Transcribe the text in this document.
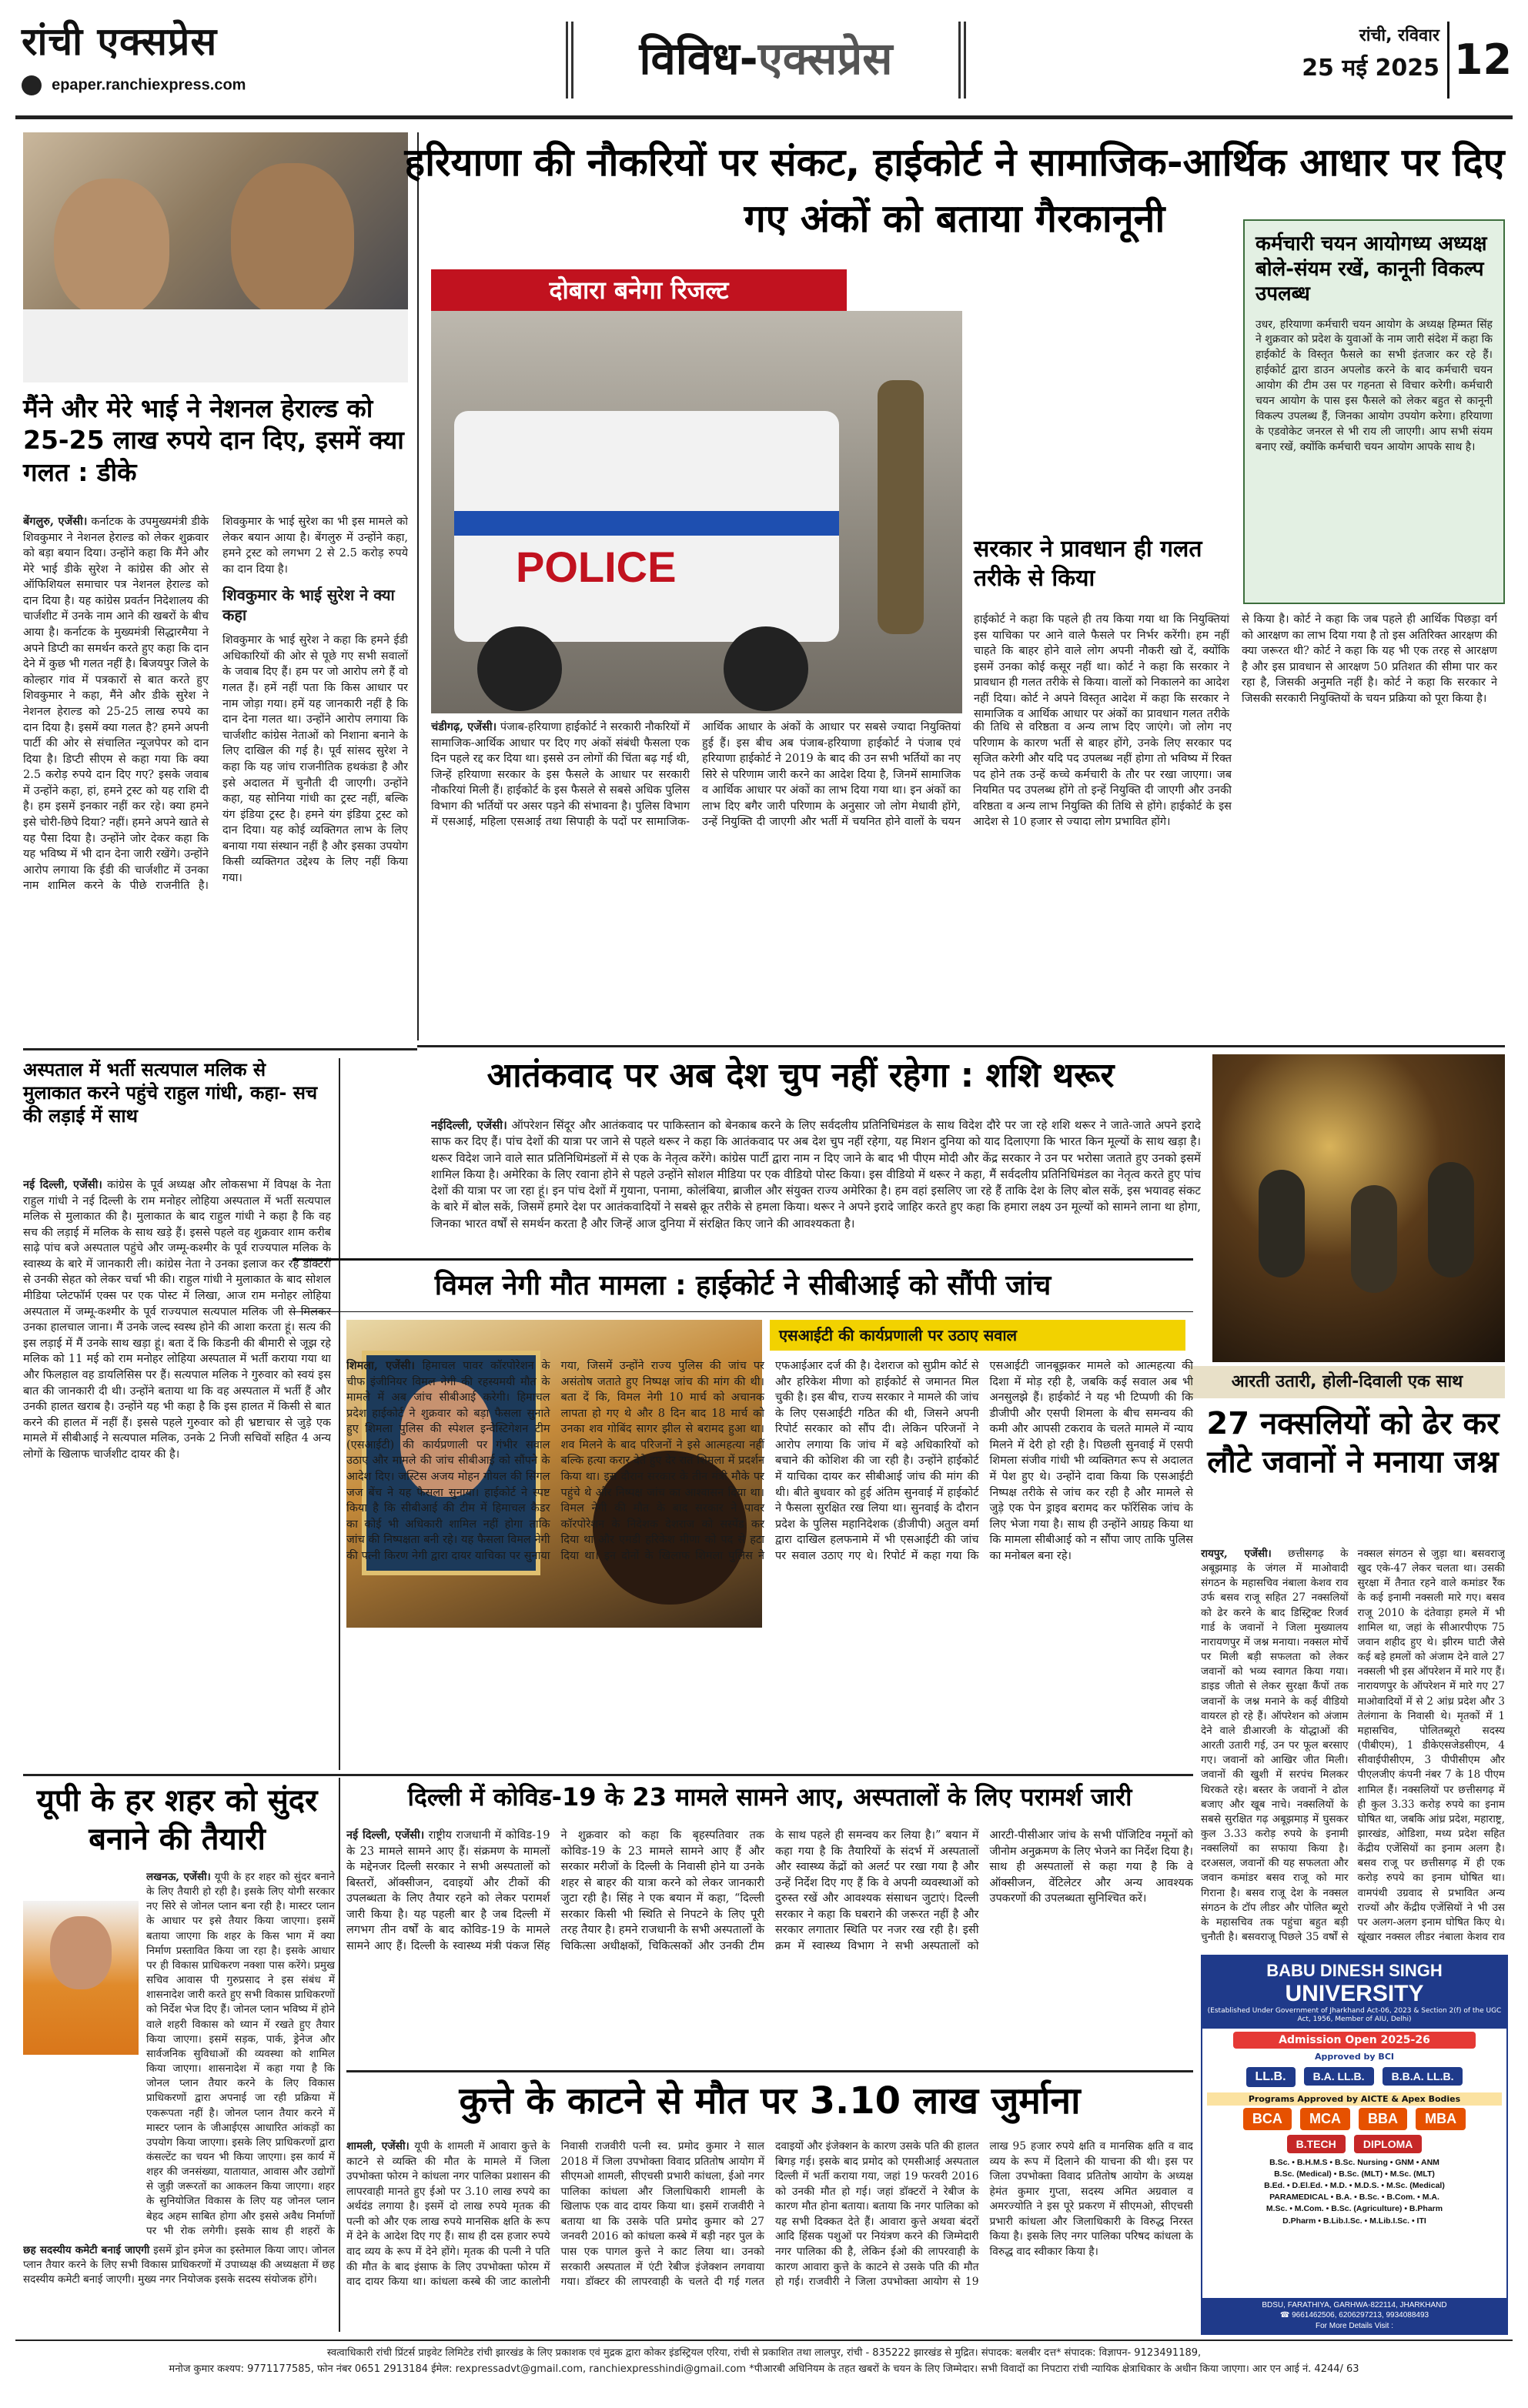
रांची एक्सप्रेस
epaper.ranchiexpress.com
विविध-एक्सप्रेस	रांची, रविवार
25 मई 2025 12
मैंने और मेरे भाई ने नेशनल हेराल्ड को 25-25 लाख रुपये दान दिए, इसमें क्या गलत : डीके
बेंगलुरु, एजेंसी। कर्नाटक के उपमुख्यमंत्री डीके शिवकुमार ने नेशनल हेराल्ड को लेकर शुक्रवार को बड़ा बयान दिया। उन्होंने कहा कि मैंने और मेरे भाई डीके सुरेश ने कांग्रेस की ओर से ऑफिशियल समाचार पत्र नेशनल हेराल्ड को दान दिया है। यह कांग्रेस प्रवर्तन निदेशालय की चार्जशीट में उनके नाम आने की खबरों के बीच आया है। कर्नाटक के मुख्यमंत्री सिद्धारमैया ने अपने डिप्टी का समर्थन करते हुए कहा कि दान देने में कुछ भी गलत नहीं है। बिजयपुर जिले के कोल्हार गांव में पत्रकारों से बात करते हुए शिवकुमार ने कहा, मैंने और डीके सुरेश ने नेशनल हेराल्ड को 25-25 लाख रुपये का दान दिया है। इसमें क्या गलत है? हमने अपनी पार्टी की ओर से संचालित न्यूजपेपर को दान दिया है। डिप्टी सीएम से कहा गया कि क्या 2.5 करोड़ रुपये दान दिए गए? इसके जवाब में उन्होंने कहा, हां, हमने ट्रस्ट को यह राशि दी है। हम इसमें इनकार नहीं कर रहे। क्या हमने इसे चोरी-छिपे दिया? नहीं। हमने अपने खाते से यह पैसा दिया है। उन्होंने जोर देकर कहा कि यह भविष्य में भी दान देना जारी रखेंगे। उन्होंने आरोप लगाया कि ईडी की चार्जशीट में उनका नाम शामिल करने के पीछे राजनीति है। शिवकुमार के भाई सुरेश का भी इस मामले को लेकर बयान आया है। बेंगलुरु में उन्होंने कहा, हमने ट्रस्ट को लगभग 2 से 2.5 करोड़ रुपये का दान दिया है।
शिवकुमार के भाई सुरेश ने क्या कहा
शिवकुमार के भाई सुरेश ने कहा कि हमने ईडी अधिकारियों की ओर से पूछे गए सभी सवालों के जवाब दिए हैं। हम पर जो आरोप लगे हैं वो गलत हैं। हमें नहीं पता कि किस आधार पर नाम जोड़ा गया। हमें यह जानकारी नहीं है कि दान देना गलत था। उन्होंने आरोप लगाया कि चार्जशीट कांग्रेस नेताओं को निशाना बनाने के लिए दाखिल की गई है। पूर्व सांसद सुरेश ने कहा कि यह जांच राजनीतिक हथकंडा है और इसे अदालत में चुनौती दी जाएगी। उन्होंने कहा, यह सोनिया गांधी का ट्रस्ट नहीं, बल्कि यंग इंडिया ट्रस्ट है। हमने यंग इंडिया ट्रस्ट को दान दिया। यह कोई व्यक्तिगत लाभ के लिए बनाया गया संस्थान नहीं है और इसका उपयोग किसी व्यक्तिगत उद्देश्य के लिए नहीं किया गया।
हरियाणा की नौकरियों पर संकट, हाईकोर्ट ने सामाजिक-आर्थिक आधार पर दिए गए अंकों को बताया गैरकानूनी
दोबारा बनेगा रिजल्ट
POLICE
चंडीगढ़, एजेंसी। पंजाब-हरियाणा हाईकोर्ट ने सरकारी नौकरियों में सामाजिक-आर्थिक आधार पर दिए गए अंकों संबंधी फैसला एक दिन पहले रद्द कर दिया था। इससे उन लोगों की चिंता बढ़ गई थी, जिन्हें हरियाणा सरकार के इस फैसले के आधार पर सरकारी नौकरियां मिली हैं। हाईकोर्ट के इस फैसले से सबसे अधिक पुलिस विभाग की भर्तियों पर असर पड़ने की संभावना है। पुलिस विभाग में एसआई, महिला एसआई तथा सिपाही के पदों पर सामाजिक-आर्थिक आधार के अंकों के आधार पर सबसे ज्यादा नियुक्तियां हुई हैं। इस बीच अब पंजाब-हरियाणा हाईकोर्ट ने पंजाब एवं हरियाणा हाईकोर्ट ने 2019 के बाद की उन सभी भर्तियों का नए सिरे से परिणाम जारी करने का आदेश दिया है, जिनमें सामाजिक व आर्थिक आधार पर अंकों का लाभ दिया गया था। इन अंकों का लाभ दिए बगैर जारी परिणाम के अनुसार जो लोग मेधावी होंगे, उन्हें नियुक्ति दी जाएगी और भर्ती में चयनित होने वालों के चयन की तिथि से वरिष्ठता व अन्य लाभ दिए जाएंगे। जो लोग नए परिणाम के कारण भर्ती से बाहर होंगे, उनके लिए सरकार पद सृजित करेगी और यदि पद उपलब्ध नहीं होगा तो भविष्य में रिक्त पद होने तक उन्हें कच्चे कर्मचारी के तौर पर रखा जाएगा। जब नियमित पद उपलब्ध होंगे तो इन्हें नियुक्ति दी जाएगी और उनकी वरिष्ठता व अन्य लाभ नियुक्ति की तिथि से होंगे। हाईकोर्ट के इस आदेश से 10 हजार से ज्यादा लोग प्रभावित होंगे।
सरकार ने प्रावधान ही गलत तरीके से किया
हाईकोर्ट ने कहा कि पहले ही तय किया गया था कि नियुक्तियां इस याचिका पर आने वाले फैसले पर निर्भर करेंगी। हम नहीं चाहते कि बाहर होने वाले लोग अपनी नौकरी खो दें, क्योंकि इसमें उनका कोई कसूर नहीं था। कोर्ट ने कहा कि सरकार ने प्रावधान ही गलत तरीके से किया। वालों को निकालने का आदेश नहीं दिया। कोर्ट ने अपने विस्तृत आदेश में कहा कि सरकार ने सामाजिक व आर्थिक आधार पर अंकों का प्रावधान गलत तरीके से किया है। कोर्ट ने कहा कि जब पहले ही आर्थिक पिछड़ा वर्ग को आरक्षण का लाभ दिया गया है तो इस अतिरिक्त आरक्षण की क्या जरूरत थी? कोर्ट ने कहा कि यह भी एक तरह से आरक्षण है और इस प्रावधान से आरक्षण 50 प्रतिशत की सीमा पार कर रहा है, जिसकी अनुमति नहीं है। कोर्ट ने कहा कि सरकार ने जिसकी सरकारी नियुक्तियों के चयन प्रक्रिया को पूरा किया है।
कर्मचारी चयन आयोगध्य अध्यक्ष बोले-संयम रखें, कानूनी विकल्प उपलब्ध
उधर, हरियाणा कर्मचारी चयन आयोग के अध्यक्ष हिम्मत सिंह ने शुक्रवार को प्रदेश के युवाओं के नाम जारी संदेश में कहा कि हाईकोर्ट के विस्तृत फैसले का सभी इंतजार कर रहे हैं। हाईकोर्ट द्वारा डाउन अपलोड करने के बाद कर्मचारी चयन आयोग की टीम उस पर गहनता से विचार करेगी। कर्मचारी चयन आयोग के पास इस फैसले को लेकर बहुत से कानूनी विकल्प उपलब्ध हैं, जिनका आयोग उपयोग करेगा। हरियाणा के एडवोकेट जनरल से भी राय ली जाएगी। आप सभी संयम बनाए रखें, क्योंकि कर्मचारी चयन आयोग आपके साथ है।
आतंकवाद पर अब देश चुप नहीं रहेगा : शशि थरूर
नईदिल्ली, एजेंसी। ऑपरेशन सिंदूर और आतंकवाद पर पाकिस्तान को बेनकाब करने के लिए सर्वदलीय प्रतिनिधिमंडल के साथ विदेश दौरे पर जा रहे शशि थरूर ने जाते-जाते अपने इरादे साफ कर दिए हैं। पांच देशों की यात्रा पर जाने से पहले थरूर ने कहा कि आतंकवाद पर अब देश चुप नहीं रहेगा, यह मिशन दुनिया को याद दिलाएगा कि भारत किन मूल्यों के साथ खड़ा है। थरूर विदेश जाने वाले सात प्रतिनिधिमंडलों में से एक के नेतृत्व करेंगे। कांग्रेस पार्टी द्वारा नाम न दिए जाने के बाद भी पीएम मोदी और केंद्र सरकार ने उन पर भरोसा जताते हुए उनको इसमें शामिल किया है। अमेरिका के लिए रवाना होने से पहले उन्होंने सोशल मीडिया पर एक वीडियो पोस्ट किया। इस वीडियो में थरूर ने कहा, मैं सर्वदलीय प्रतिनिधिमंडल का नेतृत्व करते हुए पांच देशों की यात्रा पर जा रहा हूं। इन पांच देशों में गुयाना, पनामा, कोलंबिया, ब्राजील और संयुक्त राज्य अमेरिका है। हम वहां इसलिए जा रहे हैं ताकि देश के लिए बोल सकें, इस भयावह संकट के बारे में बोल सकें, जिसमें हमारे देश पर आतंकवादियों ने सबसे क्रूर तरीके से हमला किया। थरूर ने अपने इरादे जाहिर करते हुए कहा कि हमारा लक्ष्य उन मूल्यों को सामने लाना था होगा, जिनका भारत वर्षों से समर्थन करता है और जिन्हें आज दुनिया में संरक्षित किए जाने की आवश्यकता है।
आरती उतारी, होली-दिवाली एक साथ
अस्पताल में भर्ती सत्यपाल मलिक से मुलाकात करने पहुंचे राहुल गांधी, कहा- सच की लड़ाई में साथ
नई दिल्ली, एजेंसी। कांग्रेस के पूर्व अध्यक्ष और लोकसभा में विपक्ष के नेता राहुल गांधी ने नई दिल्ली के राम मनोहर लोहिया अस्पताल में भर्ती सत्यपाल मलिक से मुलाकात की है। मुलाकात के बाद राहुल गांधी ने कहा है कि वह सच की लड़ाई में मलिक के साथ खड़े हैं। इससे पहले वह शुक्रवार शाम करीब साढ़े पांच बजे अस्पताल पहुंचे और जम्मू-कश्मीर के पूर्व राज्यपाल मलिक के स्वास्थ्य के बारे में जानकारी ली। कांग्रेस नेता ने उनका इलाज कर रहे डॉक्टरों से उनकी सेहत को लेकर चर्चा भी की। राहुल गांधी ने मुलाकात के बाद सोशल मीडिया प्लेटफॉर्म एक्स पर एक पोस्ट में लिखा, आज राम मनोहर लोहिया अस्पताल में जम्मू-कश्मीर के पूर्व राज्यपाल सत्यपाल मलिक जी से मिलकर उनका हालचाल जाना। मैं उनके जल्द स्वस्थ होने की आशा करता हूं। सत्य की इस लड़ाई में मैं उनके साथ खड़ा हूं। बता दें कि किडनी की बीमारी से जूझ रहे मलिक को 11 मई को राम मनोहर लोहिया अस्पताल में भर्ती कराया गया था और फिलहाल वह डायलिसिस पर हैं। सत्यपाल मलिक ने गुरुवार को स्वयं इस बात की जानकारी दी थी। उन्होंने बताया था कि वह अस्पताल में भर्ती हैं और उनकी हालत खराब है। उन्होंने यह भी कहा है कि इस हालत में किसी से बात करने की हालत में नहीं हैं। इससे पहले गुरुवार को ही भ्रष्टाचार से जुड़े एक मामले में सीबीआई ने सत्यपाल मलिक, उनके 2 निजी सचिवों सहित 4 अन्य लोगों के खिलाफ चार्जशीट दायर की है।
विमल नेगी मौत मामला : हाईकोर्ट ने सीबीआई को सौंपी जांच
एसआईटी की कार्यप्रणाली पर उठाए सवाल
शिमला, एजेंसी। हिमाचल पावर कॉरपोरेशन के चीफ इंजीनियर विमल नेगी की रहस्यमयी मौत के मामले में अब जांच सीबीआई करेगी। हिमाचल प्रदेश हाईकोर्ट ने शुक्रवार को बड़ा फैसला सुनाते हुए शिमला पुलिस की स्पेशल इन्वेस्टिगेशन टीम (एसआईटी) की कार्यप्रणाली पर गंभीर सवाल उठाए और मामले की जांच सीबीआई को सौंपने के आदेश दिए। जस्टिस अजय मोहन गोयल की सिंगल जज बेंच ने यह फैसला सुनाया। हाईकोर्ट ने स्पष्ट किया है कि सीबीआई की टीम में हिमाचल कैडर का कोई भी अधिकारी शामिल नहीं होगा ताकि जांच की निष्पक्षता बनी रहे। यह फैसला विमल नेगी की पत्नी किरण नेगी द्वारा दायर याचिका पर सुनाया गया, जिसमें उन्होंने राज्य पुलिस की जांच पर असंतोष जताते हुए निष्पक्ष जांच की मांग की थी। बता दें कि, विमल नेगी 10 मार्च को अचानक लापता हो गए थे और 8 दिन बाद 18 मार्च को उनका शव गोबिंद सागर झील से बरामद हुआ था। शव मिलने के बाद परिजनों ने इसे आत्महत्या नहीं बल्कि हत्या करार देते हुए देर रात शिमला में प्रदर्शन किया था। इस दौरान सरकार के तीन मंत्री मौके पर पहुंचे थे और निष्पक्ष जांच का आश्वासन दिया था। विमल नेगी की मौत के बाद सरकार ने पावर कॉरपोरेशन के निदेशक देशराज को सस्पेंड कर दिया था और एमडी हरिकेश मीणा को पद से हटा दिया था। इन दोनों के खिलाफ शिमला पुलिस ने एफआईआर दर्ज की है। देशराज को सुप्रीम कोर्ट से और हरिकेश मीणा को हाईकोर्ट से जमानत मिल चुकी है। इस बीच, राज्य सरकार ने मामले की जांच के लिए एसआईटी गठित की थी, जिसने अपनी रिपोर्ट सरकार को सौंप दी। लेकिन परिजनों ने आरोप लगाया कि जांच में बड़े अधिकारियों को बचाने की कोशिश की जा रही है। उन्होंने हाईकोर्ट में याचिका दायर कर सीबीआई जांच की मांग की थी। बीते बुधवार को हुई अंतिम सुनवाई में हाईकोर्ट ने फैसला सुरक्षित रख लिया था। सुनवाई के दौरान प्रदेश के पुलिस महानिदेशक (डीजीपी) अतुल वर्मा द्वारा दाखिल हलफनामे में भी एसआईटी की जांच पर सवाल उठाए गए थे। रिपोर्ट में कहा गया कि एसआईटी जानबूझकर मामले को आत्महत्या की दिशा में मोड़ रही है, जबकि कई सवाल अब भी अनसुलझे हैं। हाईकोर्ट ने यह भी टिप्पणी की कि डीजीपी और एसपी शिमला के बीच समन्वय की कमी और आपसी टकराव के चलते मामले में न्याय मिलने में देरी हो रही है। पिछली सुनवाई में एसपी शिमला संजीव गांधी भी व्यक्तिगत रूप से अदालत में पेश हुए थे। उन्होंने दावा किया कि एसआईटी निष्पक्ष तरीके से जांच कर रही है और मामले से जुड़े एक पेन ड्राइव बरामद कर फॉरेंसिक जांच के लिए भेजा गया है। साथ ही उन्होंने आग्रह किया था कि मामला सीबीआई को न सौंपा जाए ताकि पुलिस का मनोबल बना रहे।
27 नक्सलियों को ढेर कर लौटे जवानों ने मनाया जश्न
रायपुर, एजेंसी। छत्तीसगढ़ के अबूझमाड़ के जंगल में माओवादी संगठन के महासचिव नंबाला केशव राव उर्फ बसव राजू सहित 27 नक्सलियों को ढेर करने के बाद डिस्ट्रिक्ट रिजर्व गार्ड के जवानों ने जिला मुख्यालय नारायणपुर में जश्न मनाया। नक्सल मोर्चे पर मिली बड़ी सफलता को लेकर जवानों को भव्य स्वागत किया गया। डाइड जीतो से लेकर सुरक्षा कैंपों तक जवानों के जश्न मनाने के कई वीडियो वायरल हो रहे हैं। ऑपरेशन को अंजाम देने वाले डीआरजी के योद्धाओं की आरती उतारी गई, उन पर फूल बरसाए गए। जवानों को आखिर जीत मिली। जवानों की खुशी में सरपंच मिलकर थिरकते रहे। बस्तर के जवानों ने ढोल बजाए और खूब नाचे। नक्सलियों के सबसे सुरक्षित गढ़ अबूझमाड़ में घुसकर कुल 3.33 करोड़ रुपये के इनामी नक्सलियों का सफाया किया है। दरअसल, जवानों की यह सफलता और जवान कमांडर बसव राजू को मार गिराना है। बसव राजू देश के नक्सल संगठन के टॉप लीडर और पोलित ब्यूरो के महासचिव तक पहुंचा बहुत बड़ी चुनौती है। बसवराजू पिछले 35 वर्षों से नक्सल संगठन से जुड़ा था। बसवराजू खुद एके-47 लेकर चलता था। उसकी सुरक्षा में तैनात रहने वाले कमांडर रैंक के कई इनामी नक्सली मारे गए। बसव राजू 2010 के दंतेवाड़ा हमले में भी शामिल था, जहां के सीआरपीएफ 75 जवान शहीद हुए थे। झीरम घाटी जैसे कई बड़े हमलों को अंजाम देने वाले 27 नक्सली भी इस ऑपरेशन में मारे गए हैं। नारायणपुर के ऑपरेशन में मारे गए 27 माओवादियों में से 2 आंध्र प्रदेश और 3 तेलंगाना के निवासी थे। मृतकों में 1 महासचिव, पोलितब्यूरो सदस्य (पीबीएम), 1 डीकेएसजेडसीएम, 4 सीवाईपीसीएम, 3 पीपीसीएम और पीएलजीए कंपनी नंबर 7 के 18 पीएम शामिल हैं। नक्सलियों पर छत्तीसगढ़ में ही कुल 3.33 करोड़ रुपये का इनाम घोषित था, जबकि आंध्र प्रदेश, महाराष्ट्र, झारखंड, ओडिशा, मध्य प्रदेश सहित केंद्रीय एजेंसियों का इनाम अलग है। बसव राजू पर छत्तीसगढ़ में ही एक करोड़ रुपये का इनाम घोषित था। वामपंथी उग्रवाद से प्रभावित अन्य राज्यों और केंद्रीय एजेंसियों ने भी उस पर अलग-अलग इनाम घोषित किए थे। खूंखार नक्सल लीडर नंबाला केशव राव
दिल्ली में कोविड-19 के 23 मामले सामने आए, अस्पतालों के लिए परामर्श जारी
नई दिल्ली, एजेंसी। राष्ट्रीय राजधानी में कोविड-19 के 23 मामले सामने आए हैं। संक्रमण के मामलों के मद्देनजर दिल्ली सरकार ने सभी अस्पतालों को बिस्तरों, ऑक्सीजन, दवाइयों और टीकों की उपलब्धता के लिए तैयार रहने को लेकर परामर्श जारी किया है। यह पहली बार है जब दिल्ली में लगभग तीन वर्षों के बाद कोविड-19 के मामले सामने आए हैं। दिल्ली के स्वास्थ्य मंत्री पंकज सिंह ने शुक्रवार को कहा कि बृहस्पतिवार तक कोविड-19 के 23 मामले सामने आए हैं और सरकार मरीजों के दिल्ली के निवासी होने या उनके शहर से बाहर की यात्रा करने को लेकर जानकारी जुटा रही है। सिंह ने एक बयान में कहा, “दिल्ली सरकार किसी भी स्थिति से निपटने के लिए पूरी तरह तैयार है। हमने राजधानी के सभी अस्पतालों के चिकित्सा अधीक्षकों, चिकित्सकों और उनकी टीम के साथ पहले ही समन्वय कर लिया है।” बयान में कहा गया है कि तैयारियों के संदर्भ में अस्पतालों और स्वास्थ्य केंद्रों को अलर्ट पर रखा गया है और उन्हें निर्देश दिए गए हैं कि वे अपनी व्यवस्थाओं को दुरुस्त रखें और आवश्यक संसाधन जुटाएं। दिल्ली सरकार ने कहा कि घबराने की जरूरत नहीं है और सरकार लगातार स्थिति पर नजर रख रही है। इसी क्रम में स्वास्थ्य विभाग ने सभी अस्पतालों को आरटी-पीसीआर जांच के सभी पॉजिटिव नमूनों को जीनोम अनुक्रमण के लिए भेजने का निर्देश दिया है। साथ ही अस्पतालों से कहा गया है कि वे ऑक्सीजन, वेंटिलेटर और अन्य आवश्यक उपकरणों की उपलब्धता सुनिश्चित करें।
यूपी के हर शहर को सुंदर बनाने की तैयारी
लखनऊ, एजेंसी। यूपी के हर शहर को सुंदर बनाने के लिए तैयारी हो रही है। इसके लिए योगी सरकार नए सिरे से जोनल प्लान बना रही है। मास्टर प्लान के आधार पर इसे तैयार किया जाएगा। इसमें बताया जाएगा कि शहर के किस भाग में क्या निर्माण प्रस्तावित किया जा रहा है। इसके आधार पर ही विकास प्राधिकरण नक्शा पास करेंगे। प्रमुख सचिव आवास पी गुरुप्रसाद ने इस संबंध में शासनादेश जारी करते हुए सभी विकास प्राधिकरणों को निर्देश भेज दिए हैं। जोनल प्लान भविष्य में होने वाले शहरी विकास को ध्यान में रखते हुए तैयार किया जाएगा। इसमें सड़क, पार्क, ड्रेनेज और सार्वजनिक सुविधाओं की व्यवस्था को शामिल किया जाएगा। शासनादेश में कहा गया है कि जोनल प्लान तैयार करने के लिए विकास प्राधिकरणों द्वारा अपनाई जा रही प्रक्रिया में एकरूपता नहीं है। जोनल प्लान तैयार करने में मास्टर प्लान के जीआईएस आधारित आंकड़ों का उपयोग किया जाएगा। इसके लिए प्राधिकरणों द्वारा कंसल्टेंट का चयन भी किया जाएगा। इस कार्य में शहर की जनसंख्या, यातायात, आवास और उद्योगों से जुड़ी जरूरतों का आकलन किया जाएगा। शहर के सुनियोजित विकास के लिए यह जोनल प्लान बेहद अहम साबित होगा और इससे अवैध निर्माणों पर भी रोक लगेगी। इसके साथ ही शहरों के
छह सदस्यीय कमेटी बनाई जाएगी इसमें ड्रोन इमेज का इस्तेमाल किया जाए। जोनल प्लान तैयार करने के लिए सभी विकास प्राधिकरणों में उपाध्यक्ष की अध्यक्षता में छह सदस्यीय कमेटी बनाई जाएगी। मुख्य नगर नियोजक इसके सदस्य संयोजक होंगे।
कुत्ते के काटने से मौत पर 3.10 लाख जुर्माना
शामली, एजेंसी। यूपी के शामली में आवारा कुत्ते के काटने से व्यक्ति की मौत के मामले में जिला उपभोक्ता फोरम ने कांधला नगर पालिका प्रशासन की लापरवाही मानते हुए ईओ पर 3.10 लाख रुपये का अर्थदंड लगाया है। इसमें दो लाख रुपये मृतक की पत्नी को और एक लाख रुपये मानसिक क्षति के रूप में देने के आदेश दिए गए हैं। साथ ही दस हजार रुपये वाद व्यय के रूप में देने होंगे। मृतक की पत्नी ने पति की मौत के बाद इंसाफ के लिए उपभोक्ता फोरम में वाद दायर किया था। कांधला कस्बे की जाट कालोनी निवासी राजवीरी पत्नी स्व. प्रमोद कुमार ने साल 2018 में जिला उपभोक्ता विवाद प्रतितोष आयोग में सीएमओ शामली, सीएचसी प्रभारी कांधला, ईओ नगर पालिका कांधला और जिलाधिकारी शामली के खिलाफ एक वाद दायर किया था। इसमें राजवीरी ने बताया था कि उसके पति प्रमोद कुमार को 27 जनवरी 2016 को कांधला कस्बे में बड़ी नहर पुल के पास एक पागल कुत्ते ने काट लिया था। उनको सरकारी अस्पताल में एंटी रेबीज इंजेक्शन लगवाया गया। डॉक्टर की लापरवाही के चलते दी गई गलत दवाइयों और इंजेक्शन के कारण उसके पति की हालत बिगड़ गई। इसके बाद प्रमोद को एमसीआई अस्पताल दिल्ली में भर्ती कराया गया, जहां 19 फरवरी 2016 को उनकी मौत हो गई। जहां डॉक्टरों ने रेबीज के कारण मौत होना बताया। बताया कि नगर पालिका को यह सभी दिक्कत देते हैं। आवारा कुत्ते अथवा बंदरों आदि हिंसक पशुओं पर नियंत्रण करने की जिम्मेदारी नगर पालिका की है, लेकिन ईओ की लापरवाही के कारण आवारा कुत्ते के काटने से उसके पति की मौत हो गई। राजवीरी ने जिला उपभोक्ता आयोग से 19 लाख 95 हजार रुपये क्षति व मानसिक क्षति व वाद व्यय के रूप में दिलाने की याचना की थी। इस पर जिला उपभोक्ता विवाद प्रतितोष आयोग के अध्यक्ष हेमंत कुमार गुप्ता, सदस्य अमित अग्रवाल व अमरज्योति ने इस पूरे प्रकरण में सीएमओ, सीएचसी प्रभारी कांधला और जिलाधिकारी के विरुद्ध निरस्त किया है। इसके लिए नगर पालिका परिषद कांधला के विरुद्ध वाद स्वीकार किया है।
BABU DINESH SINGH
UNIVERSITY
(Established Under Government of Jharkhand Act-06, 2023 & Section 2(f) of the UGC Act, 1956, Member of AIU, Delhi)
Admission Open 2025-26
Approved by BCI
LL.B.	B.A. LL.B.	B.B.A. LL.B.
Programs Approved by AICTE & Apex Bodies
BCA MCA BBA MBA
B.TECH	DIPLOMA
B.Sc. • B.H.M.S • B.Sc. Nursing • GNM • ANM
B.Sc. (Medical) • B.Sc. (MLT) • M.Sc. (MLT)
B.Ed. • D.El.Ed. • M.D. • M.D.S. • M.Sc. (Medical)
PARAMEDICAL • B.A. • B.Sc. • B.Com. • M.A.
M.Sc. • M.Com. • B.Sc. (Agriculture) • B.Pharm
D.Pharm • B.Lib.I.Sc. • M.Lib.I.Sc. • ITI
BDSU, FARATHIYA, GARHWA-822114, JHARKHAND
☎ 9661462506, 6206297213, 9934088493
For More Details Visit :
स्वत्वाधिकारी रांची प्रिंटर्स प्राइवेट लिमिटेड रांची झारखंड के लिए प्रकाशक एवं मुद्रक द्वारा कोकर इंडस्ट्रियल एरिया, रांची से प्रकाशित तथा लालपुर, रांची - 835222 झारखंड से मुद्रित। संपादक: बलबीर दत्त* संपादक: विज्ञापन- 9123491189,
मनोज कुमार कश्यप: 9771177585, फोन नंबर 0651 2913184 ईमेल: rexpressadvt@gmail.com, ranchiexpresshindi@gmail.com *पीआरबी अधिनियम के तहत खबरों के चयन के लिए जिम्मेदार। सभी विवादों का निपटारा रांची न्यायिक क्षेत्राधिकार के अधीन किया जाएगा। आर एन आई नं. 4244/ 63
